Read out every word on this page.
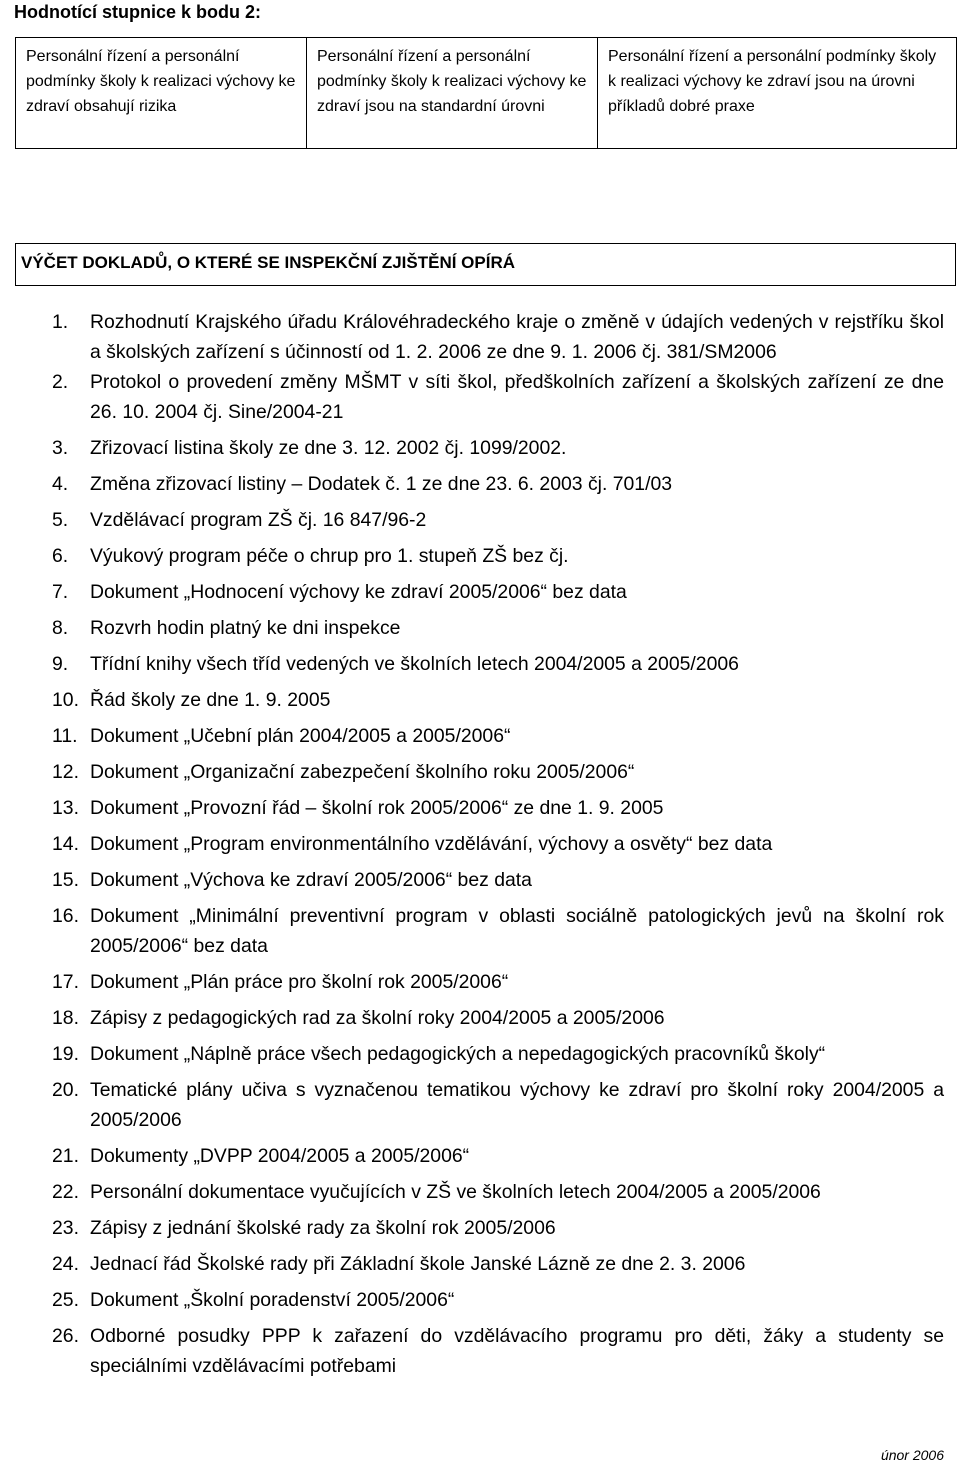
Hodnotící stupnice k bodu 2:
Personální řízení a personální podmínky školy k realizaci výchovy ke zdraví obsahují rizika	Personální řízení a personální podmínky školy k realizaci výchovy ke zdraví jsou na standardní úrovni	Personální řízení a personální podmínky školy k realizaci výchovy ke zdraví jsou na úrovni příkladů dobré praxe
VÝČET DOKLADŮ, O KTERÉ SE INSPEKČNÍ ZJIŠTĚNÍ OPÍRÁ
1. Rozhodnutí Krajského úřadu Královéhradeckého kraje o změně v údajích vedených v rejstříku škol a školských zařízení s účinností od 1. 2. 2006 ze dne 9. 1. 2006 čj. 381/SM2006
2. Protokol o provedení změny MŠMT v síti škol, předškolních zařízení a školských zařízení ze dne 26. 10. 2004 čj. Sine/2004-21
3. Zřizovací listina školy ze dne 3. 12. 2002 čj. 1099/2002.
4. Změna zřizovací listiny – Dodatek č. 1 ze dne 23. 6. 2003 čj. 701/03
5. Vzdělávací program ZŠ čj. 16 847/96-2
6. Výukový program péče o chrup pro 1. stupeň ZŠ bez čj.
7. Dokument „Hodnocení výchovy ke zdraví 2005/2006“ bez data
8. Rozvrh hodin platný ke dni inspekce
9. Třídní knihy všech tříd vedených ve školních letech 2004/2005 a 2005/2006
10. Řád školy ze dne 1. 9. 2005
11. Dokument „Učební plán 2004/2005 a 2005/2006“
12. Dokument „Organizační zabezpečení školního roku 2005/2006“
13. Dokument „Provozní řád – školní rok 2005/2006“ ze dne 1. 9. 2005
14. Dokument „Program environmentálního vzdělávání, výchovy a osvěty“ bez data
15. Dokument „Výchova ke zdraví 2005/2006“ bez data
16. Dokument „Minimální preventivní program v oblasti sociálně patologických jevů na školní rok 2005/2006“ bez data
17. Dokument „Plán práce pro školní rok 2005/2006“
18. Zápisy z pedagogických rad za školní roky 2004/2005 a 2005/2006
19. Dokument „Náplně práce všech pedagogických a nepedagogických pracovníků školy“
20. Tematické plány učiva s vyznačenou tematikou výchovy ke zdraví pro školní roky 2004/2005 a 2005/2006
21. Dokumenty „DVPP 2004/2005 a 2005/2006“
22. Personální dokumentace vyučujících v ZŠ ve školních letech 2004/2005 a 2005/2006
23. Zápisy z jednání školské rady za školní rok 2005/2006
24. Jednací řád Školské rady při Základní škole Janské Lázně ze dne 2. 3. 2006
25. Dokument „Školní poradenství 2005/2006“
26. Odborné posudky PPP k zařazení do vzdělávacího programu pro děti, žáky a studenty se speciálními vzdělávacími potřebami
únor 2006
